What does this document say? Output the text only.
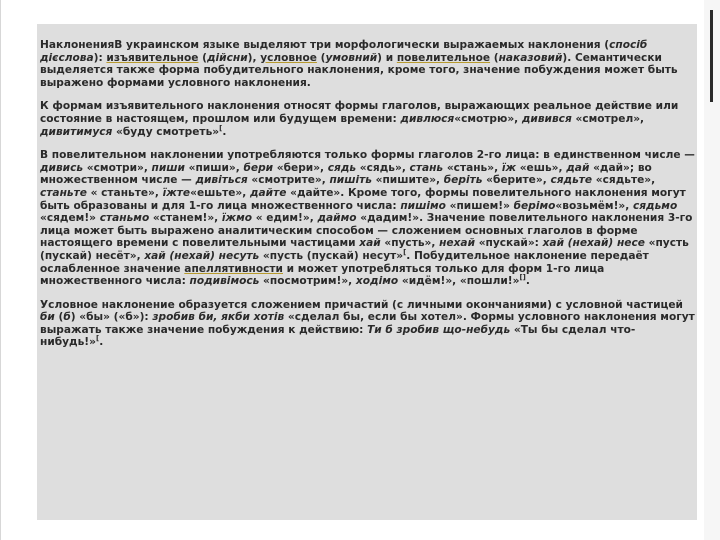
НаклоненияВ украинском языке выделяют три морфологически выражаемых наклонения (спосіб дієслова): изъявительное (дійсни), условное (умовний) и повелительное (наказовий). Семантически выделяется также форма побудительного наклонения, кроме того, значение побуждения может быть выражено формами условного наклонения.

К формам изъявительного наклонения относят формы глаголов, выражающих реальное действие или состояние в настоящем, прошлом или будущем времени: дивлюся«смотрю», дивився «смотрел», дивитимуся «буду смотреть»[.

В повелительном наклонении употребляются только формы глаголов 2-го лица: в единственном числе — дивись «смотри», пиши «пиши», бери «бери», сядь «сядь», стань «стань», їж «ешь», дай «дай»; во множественном числе — дивіться «смотрите», пишіть «пишите», беріть «берите», сядьте «сядьте», станьте « станьте», їжте«ешьте», дайте «дайте». Кроме того, формы повелительного наклонения могут быть образованы и для 1-го лица множественного числа: пишімо «пишем!» берімо«возьмём!», сядьмо «сядем!» станьмо «станем!», їжмо « едим!», даймо «дадим!». Значение повелительного наклонения 3-го лица может быть выражено аналитическим способом — сложением основных глаголов в форме настоящего времени с повелительными частицами хай «пусть», нехай «пускай»: хай (нехай) несе «пусть (пускай) несёт», хай (нехай) несуть «пусть (пускай) несут»[. Побудительное наклонение передаёт ослабленное значение апеллятивности и может употребляться только для форм 1-го лица множественного числа: подивімось «посмотрим!», ходімо «идём!», «пошли!»[].

Условное наклонение образуется сложением причастий (с личными окончаниями) с условной частицей би (б) «бы» («б»): зробив би, якби хотів «сделал бы, если бы хотел». Формы условного наклонения могут выражать также значение побуждения к действию: Ти б зробив що-небудь «Ты бы сделал что-нибудь!»[.
